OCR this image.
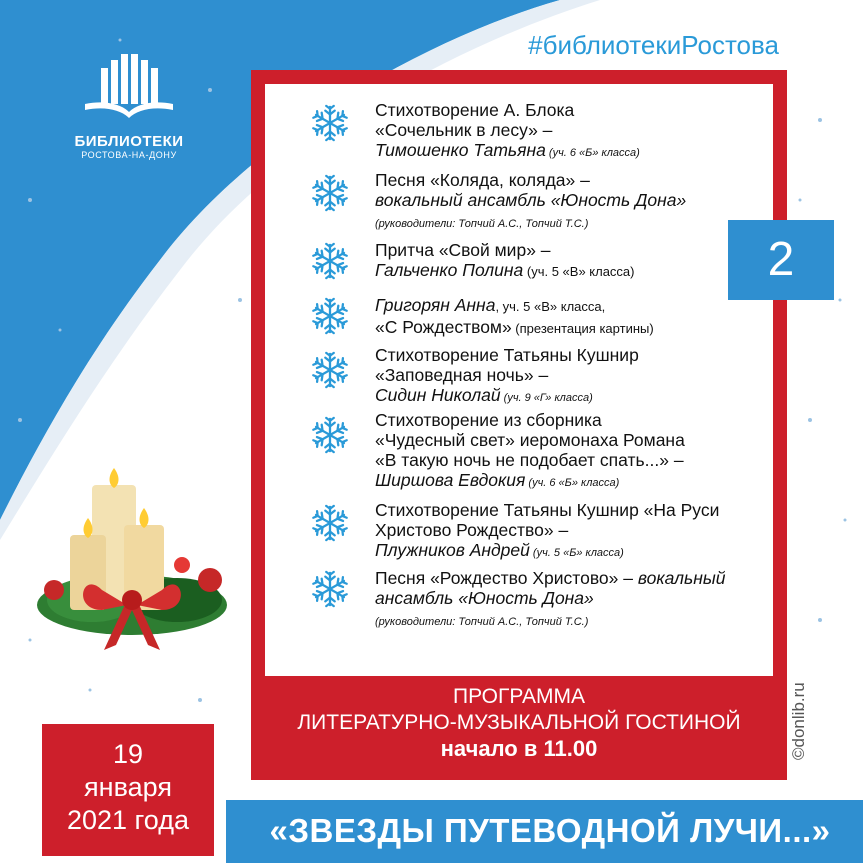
#библиотекиРостова
БИБЛИОТЕКИ
РОСТОВА-НА-ДОНУ
2
Стихотворение А. Блока
«Сочельник в лесу» –
Тимошенко Татьяна (уч. 6 «Б» класса)
Песня «Коляда, коляда» –
вокальный ансамбль «Юность Дона»
(руководители: Топчий А.С., Топчий Т.С.)
Притча «Свой мир» –
Гальченко Полина (уч. 5 «В» класса)
Григорян Анна, уч. 5 «В» класса,
«С Рождеством» (презентация картины)
Стихотворение Татьяны Кушнир
«Заповедная ночь» –
Сидин Николай (уч. 9 «Г» класса)
Стихотворение из сборника
«Чудесный свет» иеромонаха Романа
«В такую ночь не подобает спать...» –
Ширшова Евдокия (уч. 6 «Б» класса)
Стихотворение Татьяны Кушнир «На Руси
Христово Рождество» –
Плужников Андрей (уч. 5 «Б» класса)
Песня «Рождество Христово» – вокальный
ансамбль «Юность Дона»
(руководители: Топчий А.С., Топчий Т.С.)
ПРОГРАММА
ЛИТЕРАТУРНО-МУЗЫКАЛЬНОЙ ГОСТИНОЙ
начало в 11.00	©donlib.ru
19
января
2021 года	«ЗВЕЗДЫ ПУТЕВОДНОЙ ЛУЧИ...»
